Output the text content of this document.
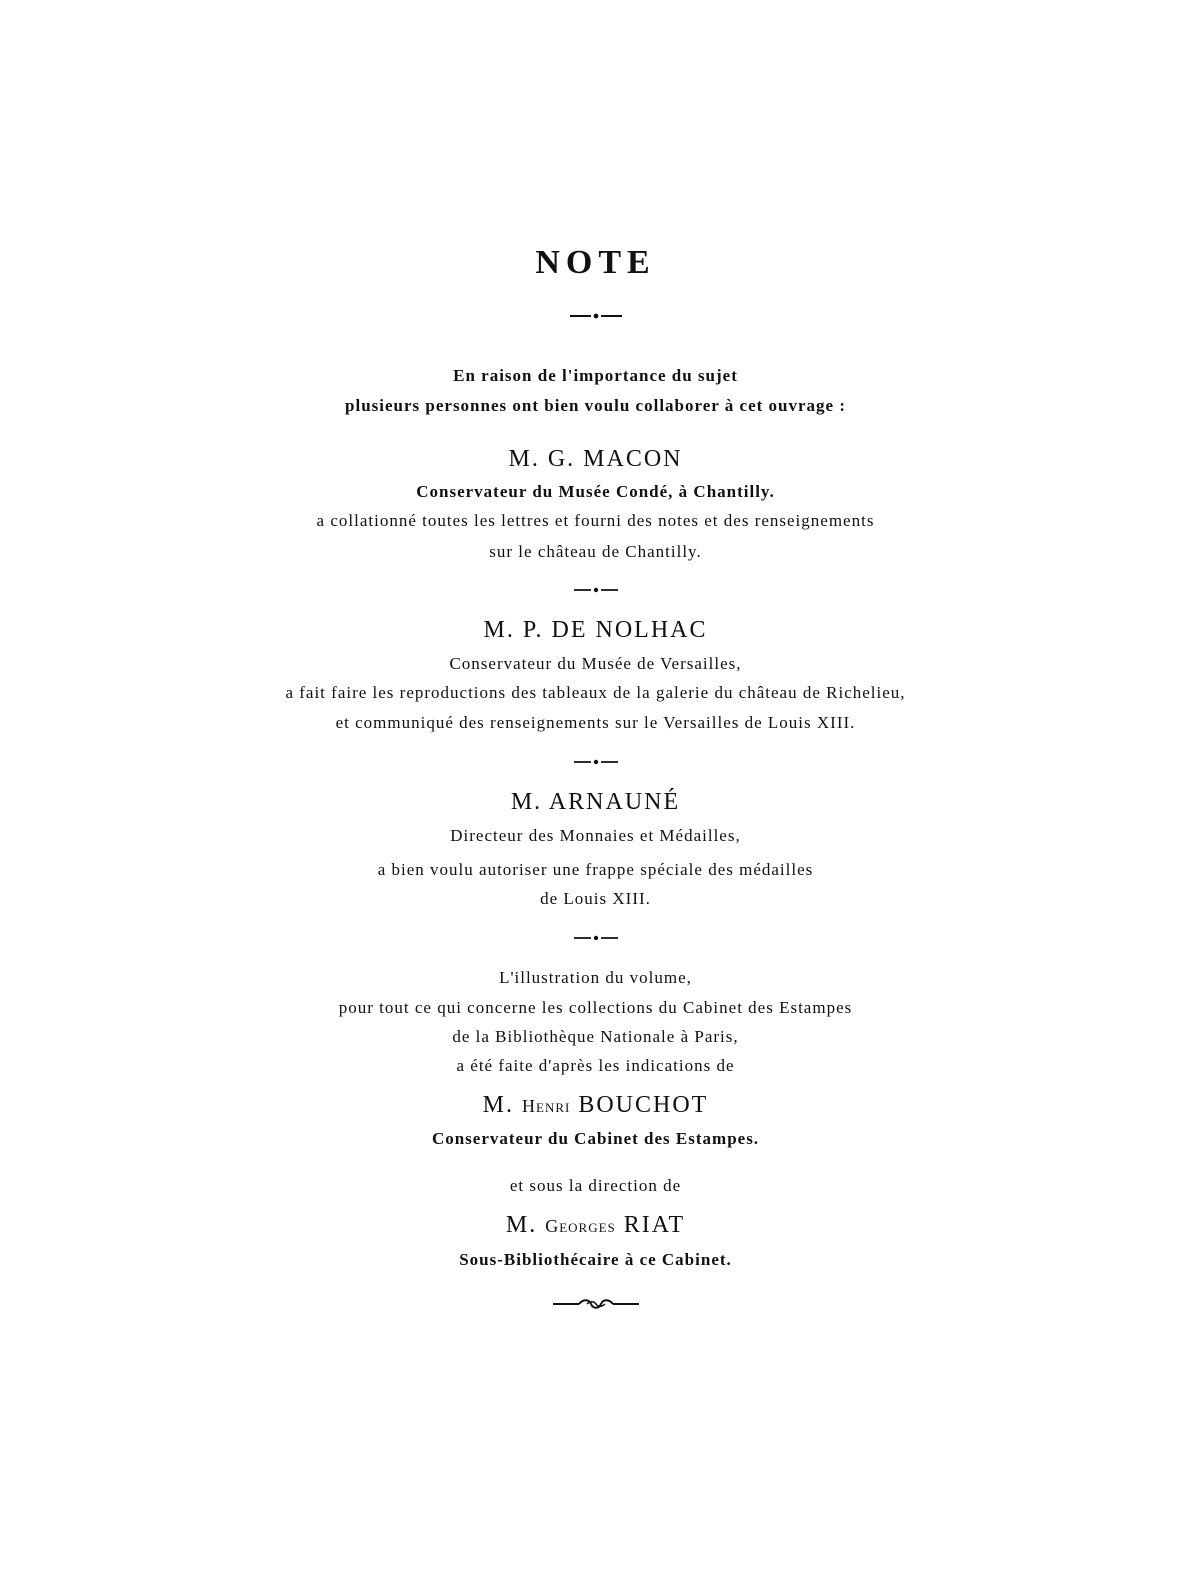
NOTE
En raison de l'importance du sujet
plusieurs personnes ont bien voulu collaborer à cet ouvrage :
M. G. MACON
Conservateur du Musée Condé, à Chantilly.
a collationné toutes les lettres et fourni des notes et des renseignements
sur le château de Chantilly.
M. P. DE NOLHAC
Conservateur du Musée de Versailles,
a fait faire les reproductions des tableaux de la galerie du château de Richelieu,
et communiqué des renseignements sur le Versailles de Louis XIII.
M. ARNAUNÉ
Directeur des Monnaies et Médailles,
a bien voulu autoriser une frappe spéciale des médailles
de Louis XIII.
L'illustration du volume,
pour tout ce qui concerne les collections du Cabinet des Estampes
de la Bibliothèque Nationale à Paris,
a été faite d'après les indications de
M. Henri BOUCHOT
Conservateur du Cabinet des Estampes.
et sous la direction de
M. Georges RIAT
Sous-Bibliothécaire à ce Cabinet.
